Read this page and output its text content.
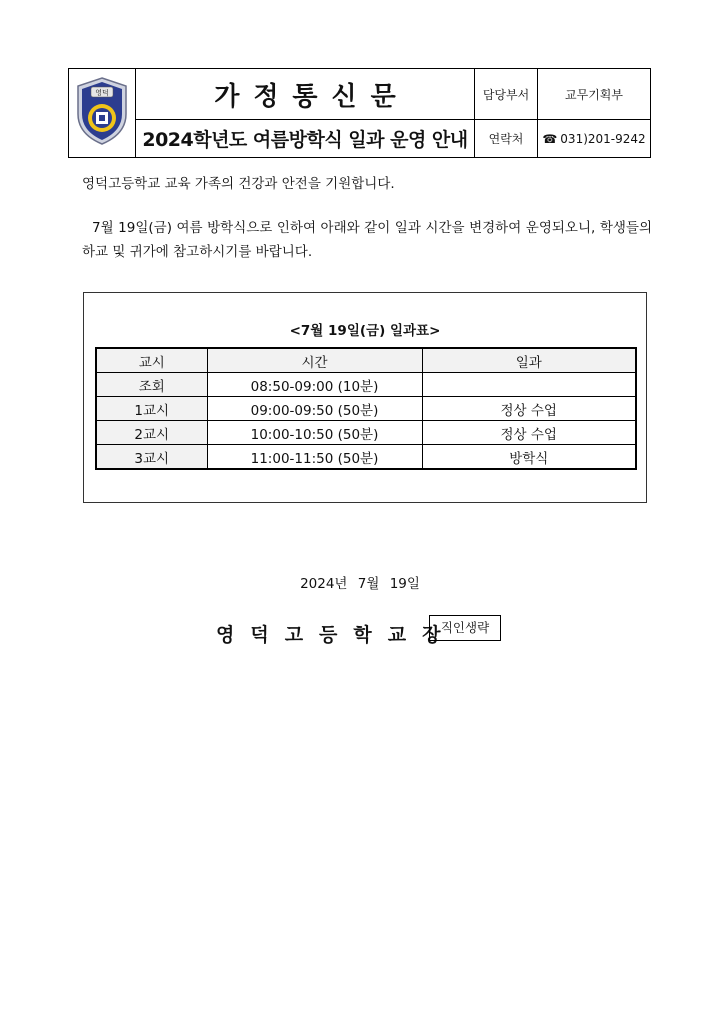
영덕	가정통신문	담당부서	교무기획부
	2024학년도 여름방학식 일과 운영 안내	연락처	☎ 031)201-9242
영덕고등학교 교육 가족의 건강과 안전을 기원합니다.
7월 19일(금) 여름 방학식으로 인하여 아래와 같이 일과 시간을 변경하여 운영되오니, 학생들의 하교 및 귀가에 참고하시기를 바랍니다.
<7월 19일(금) 일과표>
교시	시간	일과
조회	08:50-09:00 (10분)	
1교시	09:00-09:50 (50분)	정상 수업
2교시	10:00-10:50 (50분)	정상 수업
3교시	11:00-11:50 (50분)	방학식
2024년 7월 19일
영덕고등학교장
직인생략
